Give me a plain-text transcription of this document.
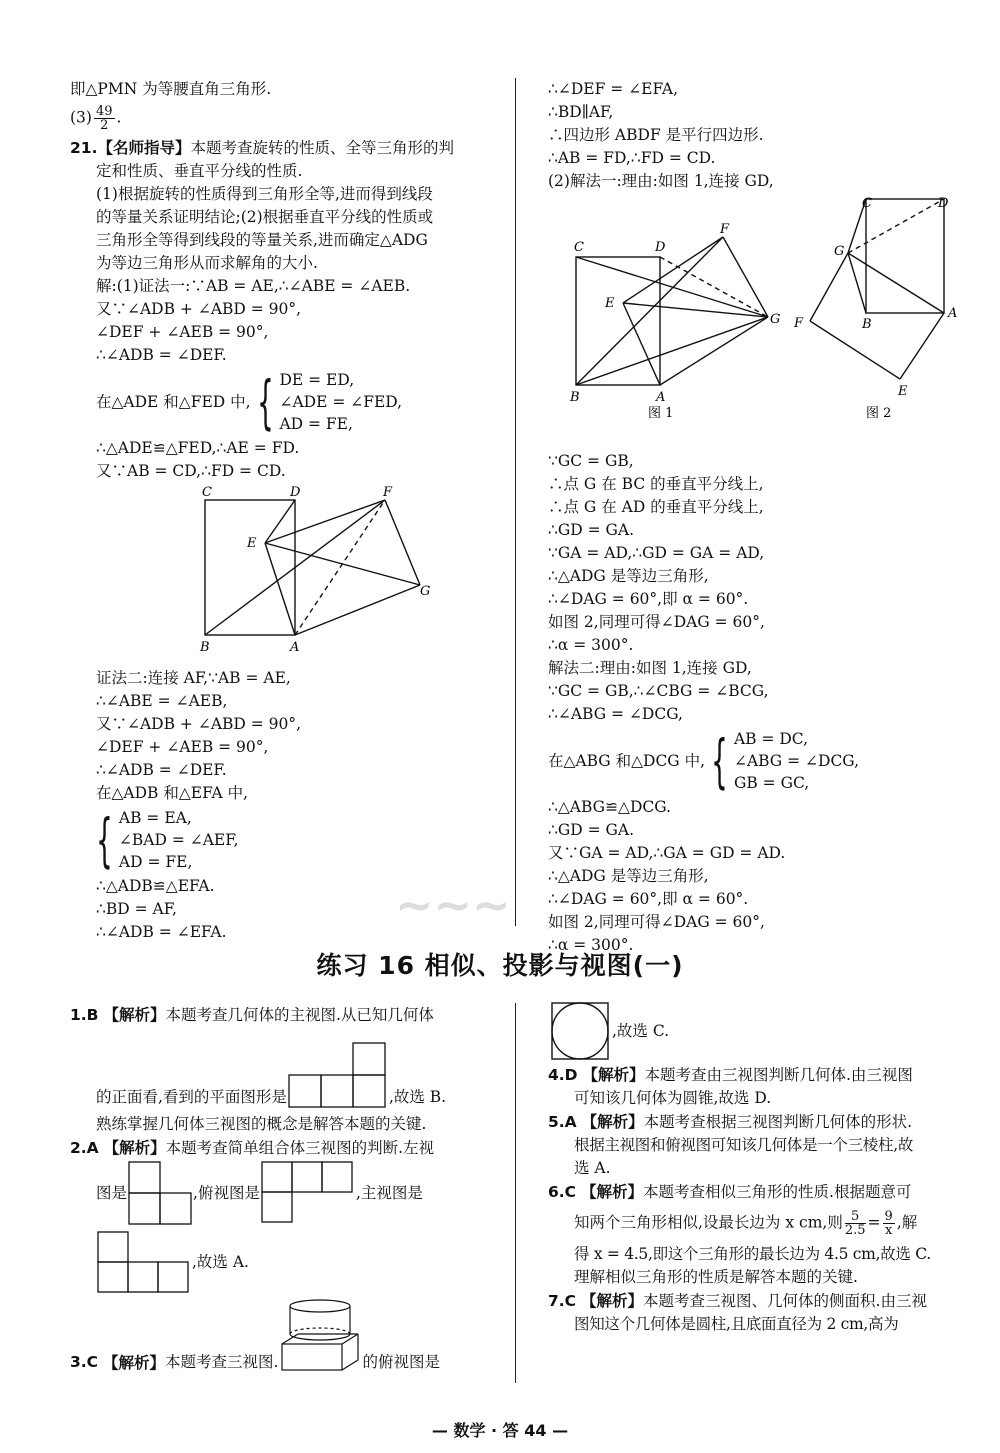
即△PMN 为等腰直角三角形.

$(3) \frac{49}{2}$ .

21.【名师指导】本题考查旋转的性质、全等三角形的判

定和性质、垂直平分线的性质.

(1)根据旋转的性质得到三角形全等,进而得到线段

的等量关系证明结论;(2)根据垂直平分线的性质或

三角形全等得到线段的等量关系,进而确定△ADG

为等边三角形从而求解角的大小.

解:(1)证法一:∵AB = AE,∴∠ABE = ∠AEB.

又∵∠ADB + ∠ABD = 90°,

∠DEF + ∠AEB = 90°,

∴∠ADB = ∠DEF.

在△ADE 和△FED 中, { DE = ED,

∠ADE = ∠FED,

AD = FE,

∴△ADE≌△FED,∴AE = FD.

又∵AB = CD,∴FD = CD.

C	D	F
E
G
B	A

证法二:连接 AF,∵AB = AE,

∴∠ABE = ∠AEB,

又∵∠ADB + ∠ABD = 90°,

∠DEF + ∠AEB = 90°,

∴∠ADB = ∠DEF.

在△ADB 和△EFA 中,

{ AB = EA,

∠BAD = ∠AEF,

AD = FE,

∴△ADB≌△EFA.

∴BD = AF,

∴∠ADB = ∠EFA.

∴∠DEF = ∠EFA,

∴BD∥AF,

∴四边形 ABDF 是平行四边形.

∴AB = FD,∴FD = CD.

(2)解法一:理由:如图 1,连接 GD,

C	D
F
E
G
B	A
图 1
C	D
G
F	B
A
E
图 2

∵GC = GB,

∴点 G 在 BC 的垂直平分线上,

∴点 G 在 AD 的垂直平分线上,

∴GD = GA.

∵GA = AD,∴GD = GA = AD,

∴△ADG 是等边三角形,

∴∠DAG = 60°,即 α = 60°.

如图 2,同理可得∠DAG = 60°,

∴α = 300°.

解法二:理由:如图 1,连接 GD,

∵GC = GB,∴∠CBG = ∠BCG,

∴∠ABG = ∠DCG,

在△ABG 和△DCG 中, { AB = DC,

∠ABG = ∠DCG,

GB = GC,

∴△ABG≌△DCG.

∴GD = GA.

又∵GA = AD,∴GA = GD = AD.

∴△ADG 是等边三角形,

∴∠DAG = 60°,即 α = 60°.

如图 2,同理可得∠DAG = 60°,

∴α = 300°.

~~~
练习 16 相似、投影与视图(一)

1.B 【解析】本题考查几何体的主视图.从已知几何体

的正面看,看到的平面图形是	,故选 B.

熟练掌握几何体三视图的概念是解答本题的关键.

2.A 【解析】本题考查简单组合体三视图的判断.左视

图是	,俯视图是	,主视图是

,故选 A.

3.C
【解析】 本题考查三视图.	的俯视图是

,故选 C.

4.D 【解析】本题考查由三视图判断几何体.由三视图

可知该几何体为圆锥,故选 D.

5.A 【解析】本题考查根据三视图判断几何体的形状.

根据主视图和俯视图可知该几何体是一个三棱柱,故

选 A.

6.C 【解析】本题考查相似三角形的性质.根据题意可

知两个三角形相似,设最长边为 x cm,则 $\frac{5}{2.5} = \frac{9}{x}$ ,解

得 x = 4.5,即这个三角形的最长边为 4.5 cm,故选 C.

理解相似三角形的性质是解答本题的关键.

7.C 【解析】本题考查三视图、几何体的侧面积.由三视

图知这个几何体是圆柱,且底面直径为 2 cm,高为

— 数学 · 答 44 —
